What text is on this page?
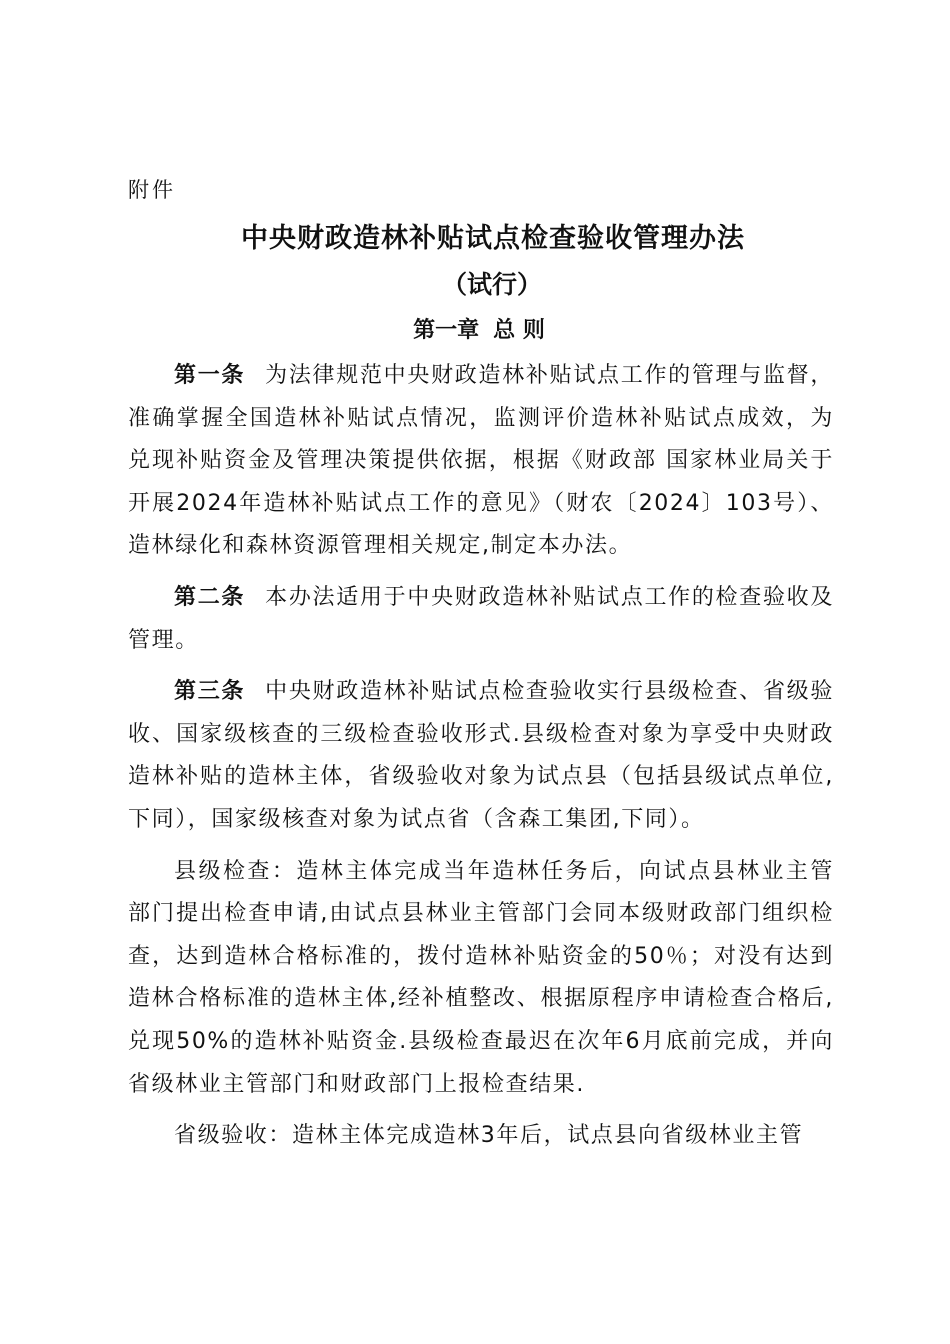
附件

中央财政造林补贴试点检查验收管理办法
（试行）
第一章 总 则

第一条 为法律规范中央财政造林补贴试点工作的管理与监督，准确掌握全国造林补贴试点情况，监测评价造林补贴试点成效，为兑现补贴资金及管理决策提供依据，根据《财政部 国家林业局关于开展2024年造林补贴试点工作的意见》（财农〔2024〕103号）、造林绿化和森林资源管理相关规定,制定本办法。

第二条 本办法适用于中央财政造林补贴试点工作的检查验收及管理。

第三条 中央财政造林补贴试点检查验收实行县级检查、省级验收、国家级核查的三级检查验收形式.县级检查对象为享受中央财政造林补贴的造林主体，省级验收对象为试点县（包括县级试点单位,下同），国家级核查对象为试点省（含森工集团,下同）。

县级检查：造林主体完成当年造林任务后，向试点县林业主管部门提出检查申请,由试点县林业主管部门会同本级财政部门组织检查，达到造林合格标准的，拨付造林补贴资金的50％；对没有达到造林合格标准的造林主体,经补植整改、根据原程序申请检查合格后,兑现50%的造林补贴资金.县级检查最迟在次年6月底前完成，并向省级林业主管部门和财政部门上报检查结果.

省级验收：造林主体完成造林3年后，试点县向省级林业主管
